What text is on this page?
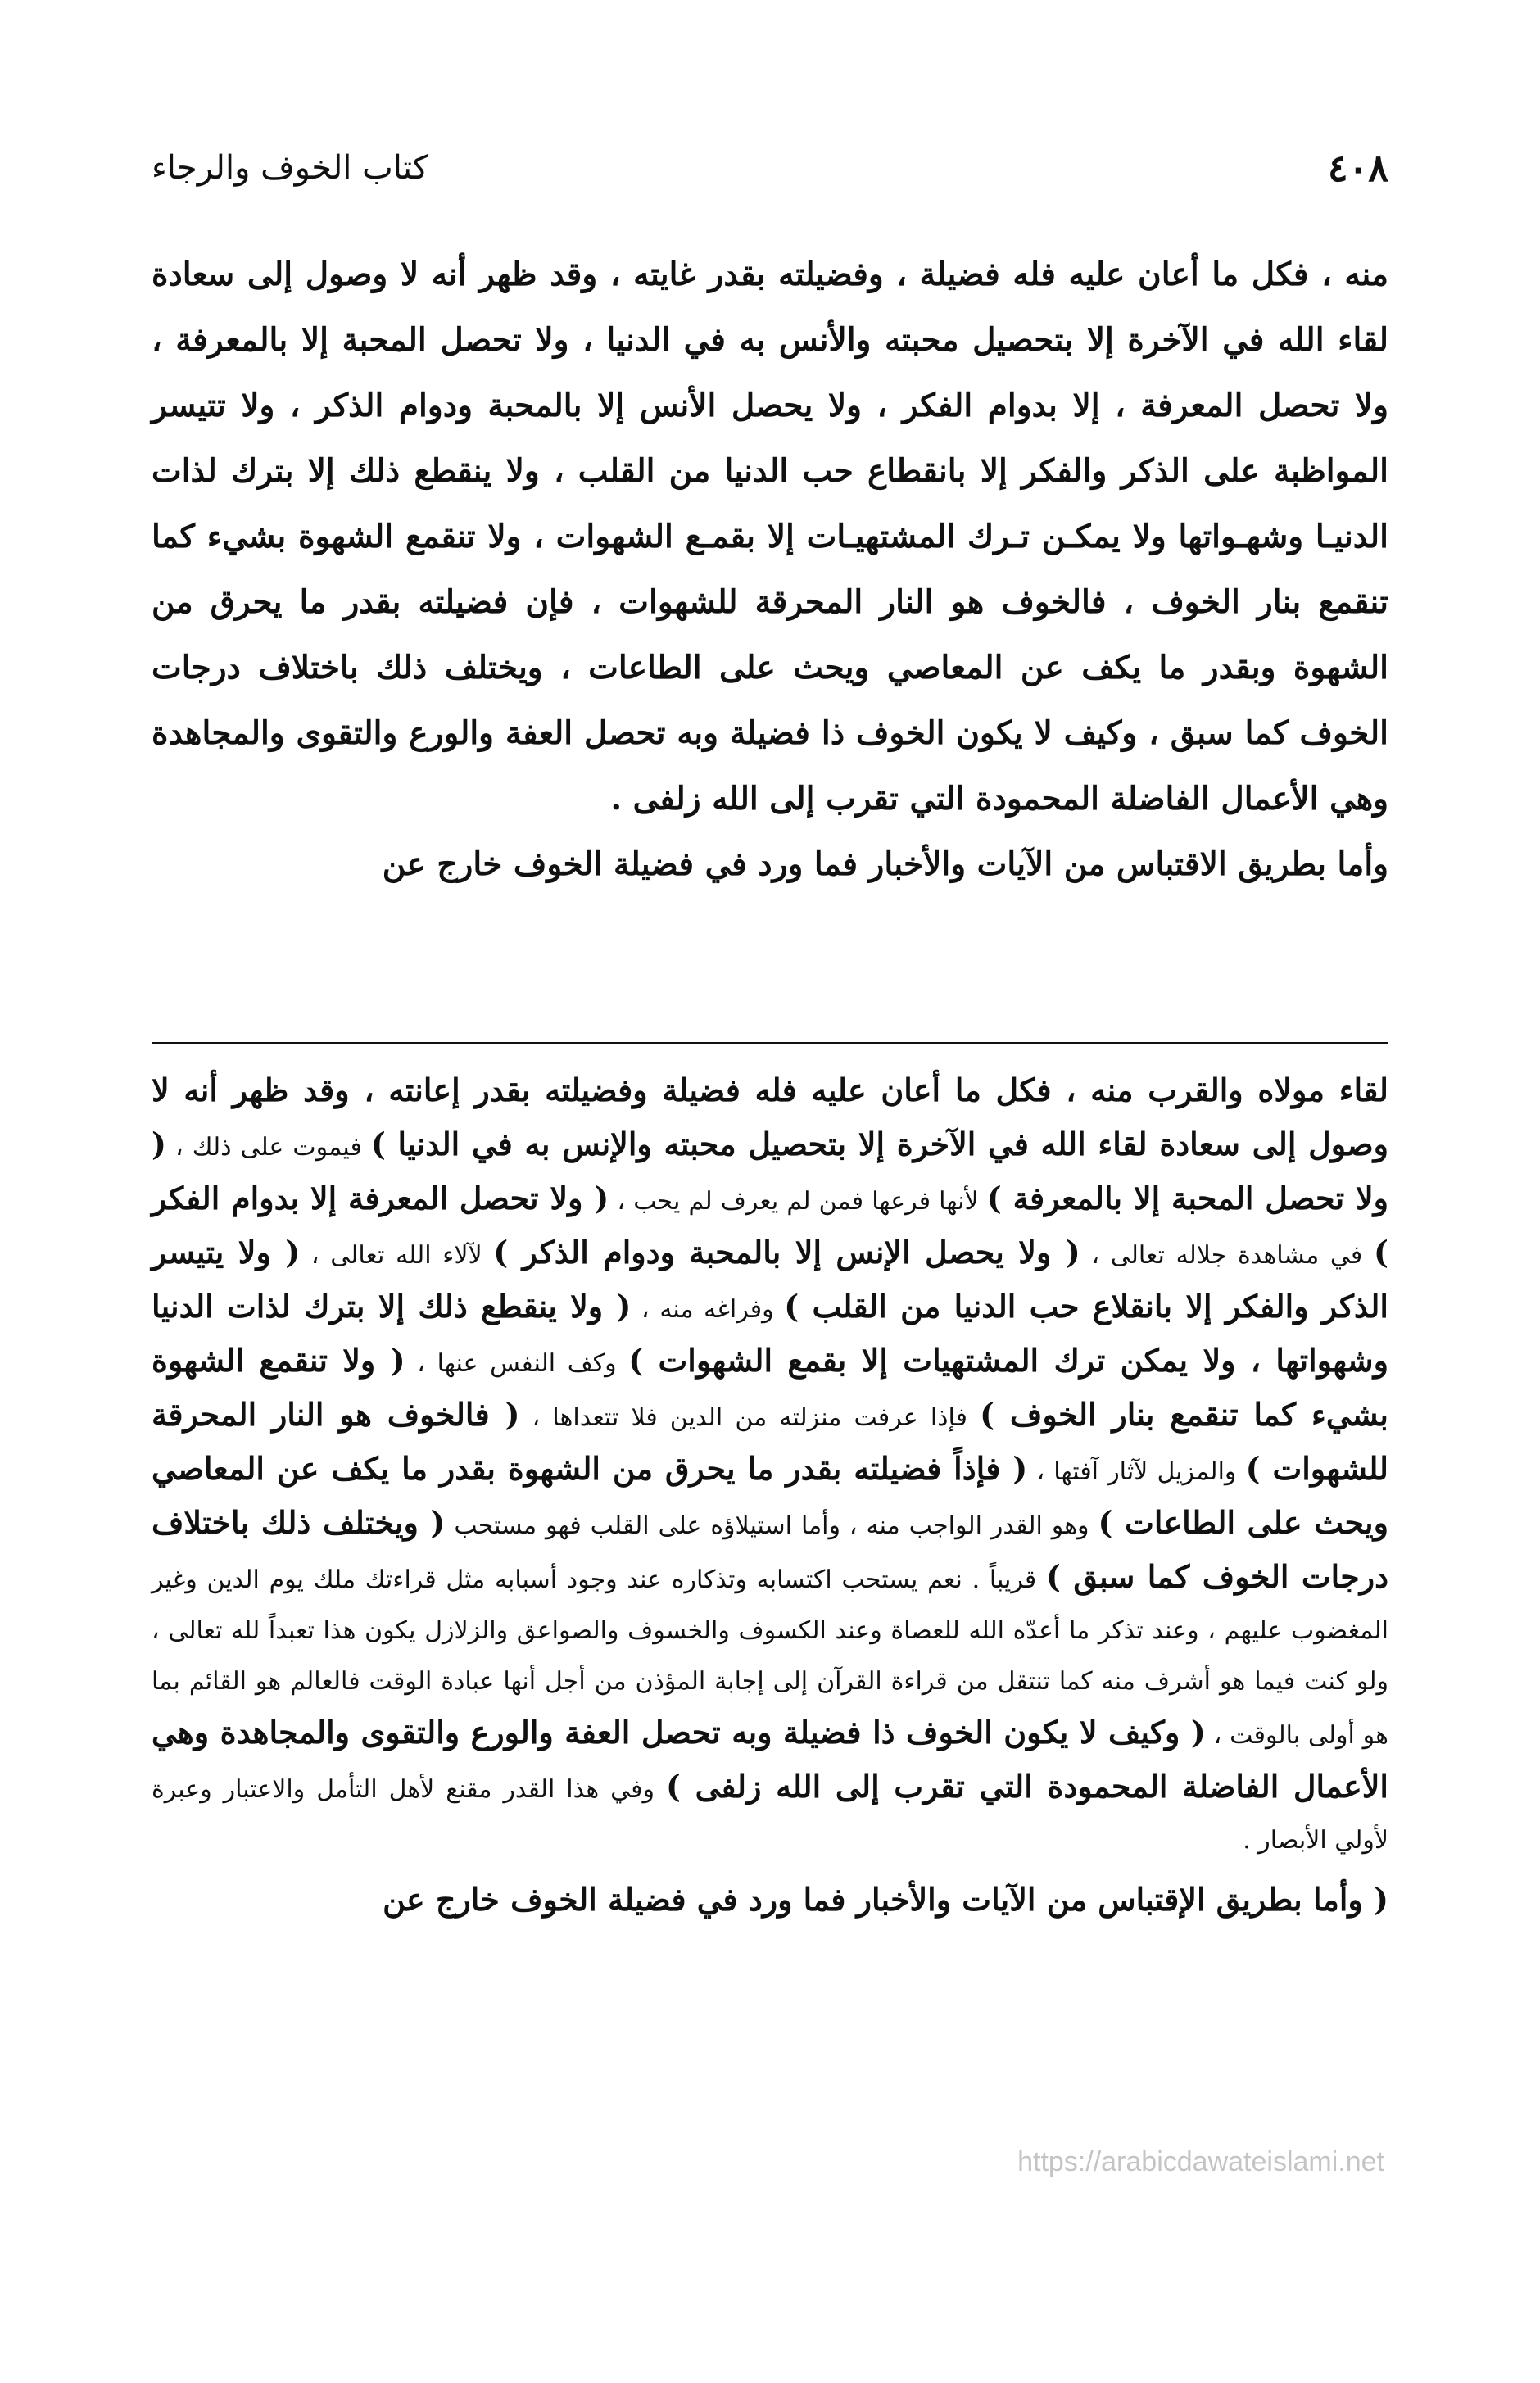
٤٠٨
كتاب الخوف والرجاء

منه ، فكل ما أعان عليه فله فضيلة ، وفضيلته بقدر غايته ، وقد ظهر أنه لا وصول إلى سعادة لقاء الله في الآخرة إلا بتحصيل محبته والأنس به في الدنيا ، ولا تحصل المحبة إلا بالمعرفة ، ولا تحصل المعرفة ، إلا بدوام الفكر ، ولا يحصل الأنس إلا بالمحبة ودوام الذكر ، ولا تتيسر المواظبة على الذكر والفكر إلا بانقطاع حب الدنيا من القلب ، ولا ينقطع ذلك إلا بترك لذات الدنيـا وشهـواتها ولا يمكـن تـرك المشتهيـات إلا بقمـع الشهوات ، ولا تنقمع الشهوة بشيء كما تنقمع بنار الخوف ، فالخوف هو النار المحرقة للشهوات ، فإن فضيلته بقدر ما يحرق من الشهوة وبقدر ما يكف عن المعاصي ويحث على الطاعات ، ويختلف ذلك باختلاف درجات الخوف كما سبق ، وكيف لا يكون الخوف ذا فضيلة وبه تحصل العفة والورع والتقوى والمجاهدة وهي الأعمال الفاضلة المحمودة التي تقرب إلى الله زلفى .

وأما بطريق الاقتباس من الآيات والأخبار فما ورد في فضيلة الخوف خارج عن

لقاء مولاه والقرب منه ، فكل ما أعان عليه فله فضيلة وفضيلته بقدر إعانته ، وقد ظهر أنه لا وصول إلى سعادة لقاء الله في الآخرة إلا بتحصيل محبته والإنس به في الدنيا ) فيموت على ذلك ، ( ولا تحصل المحبة إلا بالمعرفة ) لأنها فرعها فمن لم يعرف لم يحب ، ( ولا تحصل المعرفة إلا بدوام الفكر ) في مشاهدة جلاله تعالى ، ( ولا يحصل الإنس إلا بالمحبة ودوام الذكر ) لآلاء الله تعالى ، ( ولا يتيسر الذكر والفكر إلا بانقلاع حب الدنيا من القلب ) وفراغه منه ، ( ولا ينقطع ذلك إلا بترك لذات الدنيا وشهواتها ، ولا يمكن ترك المشتهيات إلا بقمع الشهوات ) وكف النفس عنها ، ( ولا تنقمع الشهوة بشيء كما تنقمع بنار الخوف ) فإذا عرفت منزلته من الدين فلا تتعداها ، ( فالخوف هو النار المحرقة للشهوات ) والمزيل لآثار آفتها ، ( فإذاً فضيلته بقدر ما يحرق من الشهوة بقدر ما يكف عن المعاصي ويحث على الطاعات ) وهو القدر الواجب منه ، وأما استيلاؤه على القلب فهو مستحب ( ويختلف ذلك باختلاف درجات الخوف كما سبق ) قريباً . نعم يستحب اكتسابه وتذكاره عند وجود أسبابه مثل قراءتك ملك يوم الدين وغير المغضوب عليهم ، وعند تذكر ما أعدّه الله للعصاة وعند الكسوف والخسوف والصواعق والزلازل يكون هذا تعبداً لله تعالى ، ولو كنت فيما هو أشرف منه كما تنتقل من قراءة القرآن إلى إجابة المؤذن من أجل أنها عبادة الوقت فالعالم هو القائم بما هو أولى بالوقت ، ( وكيف لا يكون الخوف ذا فضيلة وبه تحصل العفة والورع والتقوى والمجاهدة وهي الأعمال الفاضلة المحمودة التي تقرب إلى الله زلفى ) وفي هذا القدر مقنع لأهل التأمل والاعتبار وعبرة لأولي الأبصار .

( وأما بطريق الإقتباس من الآيات والأخبار فما ورد في فضيلة الخوف خارج عن

https://arabicdawateislami.net
